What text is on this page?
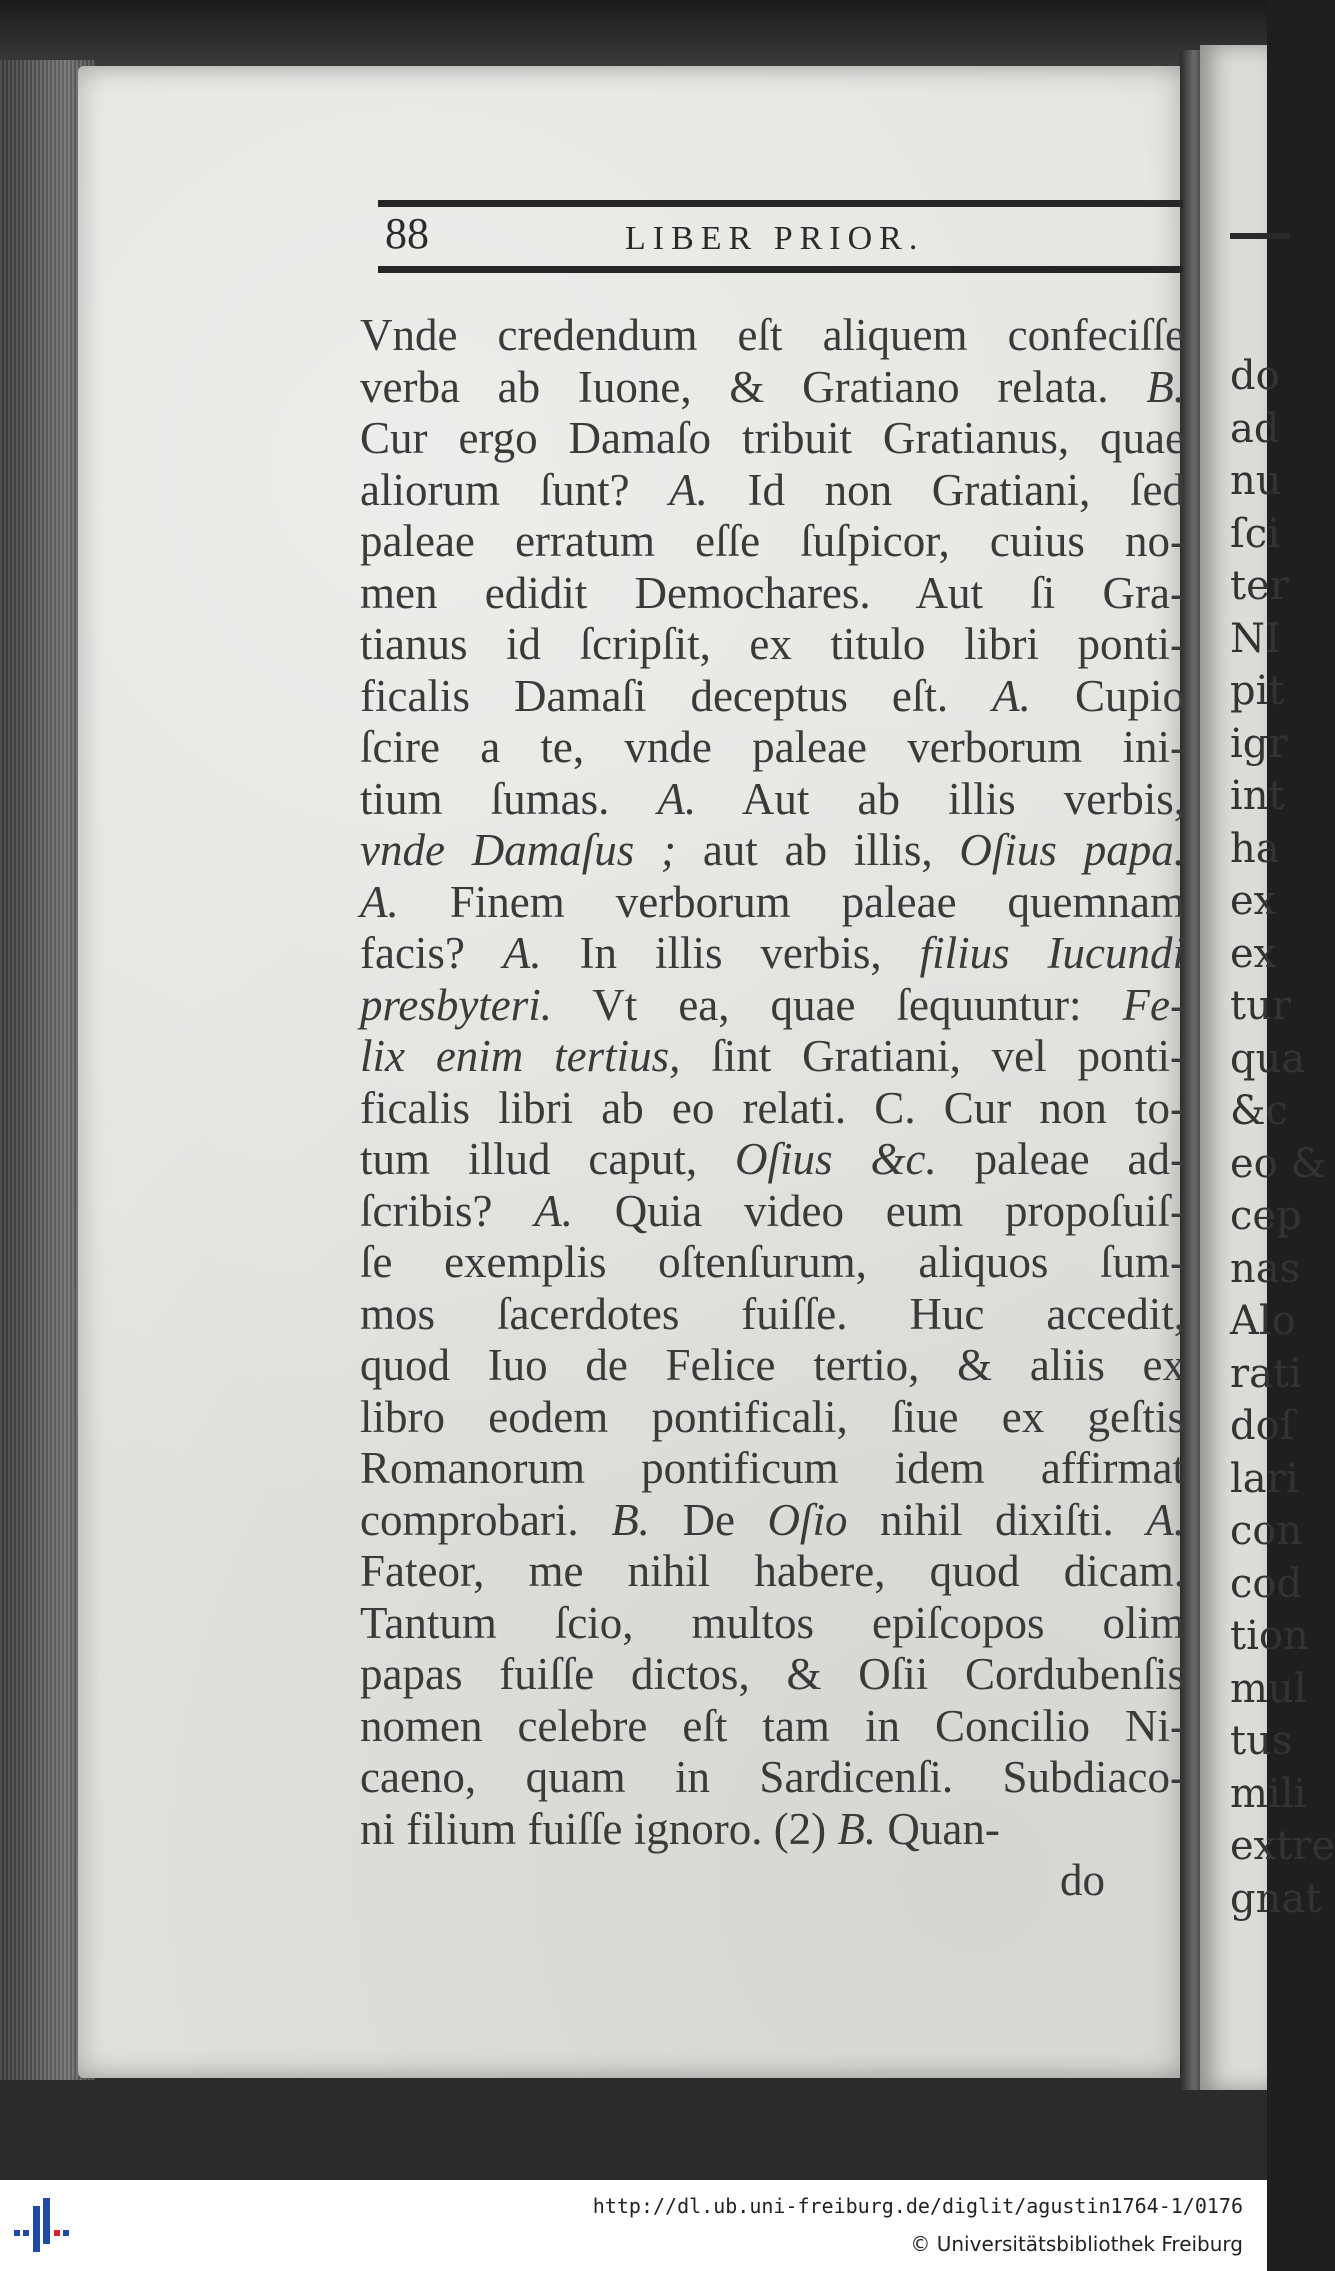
do
ad
nu
ſci
ter
NI
pit
igr
int
ha
ex
ex
tur
qua
&c
eo &
cep
nas
Alo
rati
doſ
lari
con
cod
tion
mul
tus
mili
extre
gnat
88	LIBER PRIOR.
Vnde credendum eſt aliquem confeciſſe
verba ab Iuone, & Gratiano relata. B.
Cur ergo Damaſo tribuit Gratianus, quae
aliorum ſunt? A. Id non Gratiani, ſed
paleae erratum eſſe ſuſpicor, cuius no-
men edidit Demochares. Aut ſi Gra-
tianus id ſcripſit, ex titulo libri ponti-
ficalis Damaſi deceptus eſt. A. Cupio
ſcire a te, vnde paleae verborum ini-
tium ſumas. A. Aut ab illis verbis,
vnde Damaſus ; aut ab illis, Oſius papa.
A. Finem verborum paleae quemnam
facis? A. In illis verbis, filius Iucundi
presbyteri. Vt ea, quae ſequuntur: Fe-
lix enim tertius, ſint Gratiani, vel ponti-
ficalis libri ab eo relati. C. Cur non to-
tum illud caput, Oſius &c. paleae ad-
ſcribis? A. Quia video eum propoſuiſ-
ſe exemplis oſtenſurum, aliquos ſum-
mos ſacerdotes fuiſſe. Huc accedit,
quod Iuo de Felice tertio, & aliis ex
libro eodem pontificali, ſiue ex geſtis
Romanorum pontificum idem affirmat
comprobari. B. De Oſio nihil dixiſti. A.
Fateor, me nihil habere, quod dicam.
Tantum ſcio, multos epiſcopos olim
papas fuiſſe dictos, & Oſii Cordubenſis
nomen celebre eſt tam in Concilio Ni-
caeno, quam in Sardicenſi. Subdiaco-
ni filium fuiſſe ignoro. (2) B. Quan-
do
http://dl.ub.uni-freiburg.de/diglit/agustin1764-1/0176
© Universitätsbibliothek Freiburg
